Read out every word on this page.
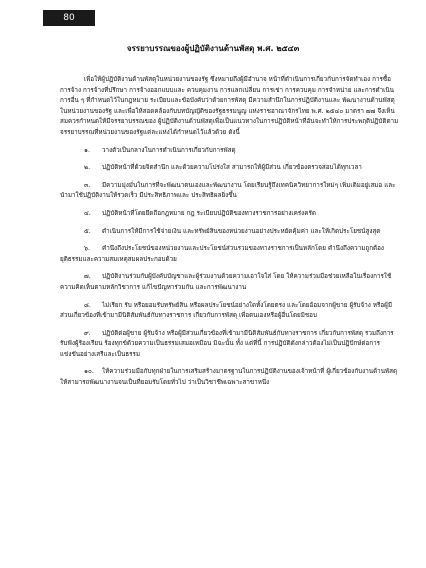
80
จรรยาบรรณของผู้ปฏิบัติงานด้านพัสดุ พ.ศ. ๒๕๔๓

เพื่อให้ผู้ปฏิบัติงานด้านพัสดุในหน่วยงานของรัฐ ซึ่งหมายถึงผู้มีอำนาจ หน้าที่ดำเนินการเกี่ยวกับการจัดทำเอง การซื้อ การจ้าง การจ้างที่ปรึกษา การจ้างออกแบบและ ควบคุมงาน การแลกเปลี่ยน การเช่า การควบคุม การจำหน่าย และการดำเนินการอื่น ๆ ที่กำหนดไว้ในกฎหมาย ระเบียบและข้อบังคับว่าด้วยการพัสดุ มีความสำนึกในการปฏิบัติงานและ พัฒนางานด้านพัสดุในหน่วยงานของรัฐ และเพื่อให้สอดคล้องกับบทบัญญัติของรัฐธรรมนูญ แห่งราชอาณาจักรไทย พ.ศ. ๒๕๔๐ มาตรา ๗๗ จึงเห็นสมควรกำหนดให้มีจรรยาบรรณของ ผู้ปฏิบัติงานด้านพัสดุเพื่อเป็นแนวทางในการปฏิบัติหน้าที่อันจะทำให้การประพฤติปฏิบัติตาม จรรยาบรรณที่หน่วยงานของรัฐแต่ละแห่งได้กำหนดไว้แล้วด้วย ดังนี้

๑. วางตัวเป็นกลางในการดำเนินการเกี่ยวกับการพัสดุ
๒. ปฏิบัติหน้าที่ด้วยจิตสำนึก และด้วยความโปร่งใส สามารถให้ผู้มีส่วน เกี่ยวข้องตรวจสอบได้ทุกเวลา
๓. มีความมุ่งมั่นในการที่จะพัฒนาตนเองและพัฒนางาน โดยเรียนรู้ถึงเทคนิควิทยาการใหม่ๆ เพิ่มเติมอยู่เสมอ และนำมาใช้ปฏิบัติงานให้รวดเร็ว มีประสิทธิภาพและ ประสิทธิผลยิ่งขึ้น
๔. ปฏิบัติหน้าที่โดยยึดถือกฎหมาย กฎ ระเบียบปฏิบัติของทางราชการอย่างเคร่งครัด
๕. ดำเนินการให้มีการใช้จ่ายเงิน และทรัพย์สินของหน่วยงานอย่างประหยัดคุ้มค่า และให้เกิดประโยชน์สูงสุด
๖. คำนึงถึงประโยชน์ของหน่วยงานและประโยชน์ส่วนรวมของทางราชการเป็นหลักโดย คำนึงถึงความถูกต้อง ยุติธรรมและความสมเหตุสมผลประกอบด้วย
๗. ปฏิบัติงานร่วมกับผู้บังคับบัญชาและผู้ร่วมงานด้วยความเอาใจใส่ โดย ให้ความร่วมมือช่วยเหลือในเรื่องการใช้ความคิดเห็นตามหลักวิชาการ แก้ไขปัญหาร่วมกัน และการพัฒนางาน
๘. ไม่เรียก รับ หรือยอมรับทรัพย์สิน หรือผลประโยชน์อย่างใดทั้งโดยตรง และโดยอ้อมจากผู้ขาย ผู้รับจ้าง หรือผู้มีส่วนเกี่ยวข้องที่เข้ามามีนิติสัมพันธ์กับทางราชการ เกี่ยวกับการพัสดุ เพื่อตนเองหรือผู้อื่นโดยมิชอบ
๙. ปฏิบัติต่อผู้ขาย ผู้รับจ้าง หรือผู้มีส่วนเกี่ยวข้องที่เข้ามามีนิติสัมพันธ์กับทางราชการ เกี่ยวกับการพัสดุ รวมถึงการรับฟังผู้ร้องเรียน ร้องทุกข์ด้วยความเป็นธรรมเสมอเหมือน มิฉะนั้น ทั้ง แต่ที่นี้ การปฏิบัติดังกล่าวต้องไม่เป็นปฏิปักษ์ต่อการแข่งขันอย่างเสรีและเป็นธรรม
๑๐. ให้ความร่วมมือกับทุกฝ่ายในการเสริมสร้างมาตรฐานในการปฏิบัติงานของเจ้าหน้าที่ ผู้เกี่ยวข้องกับงานด้านพัสดุ ให้สามารถพัฒนางานจนเป็นที่ยอมรับโดยทั่วไป ว่าเป็นวิชาชีพเฉพาะสาขาหนึ่ง
